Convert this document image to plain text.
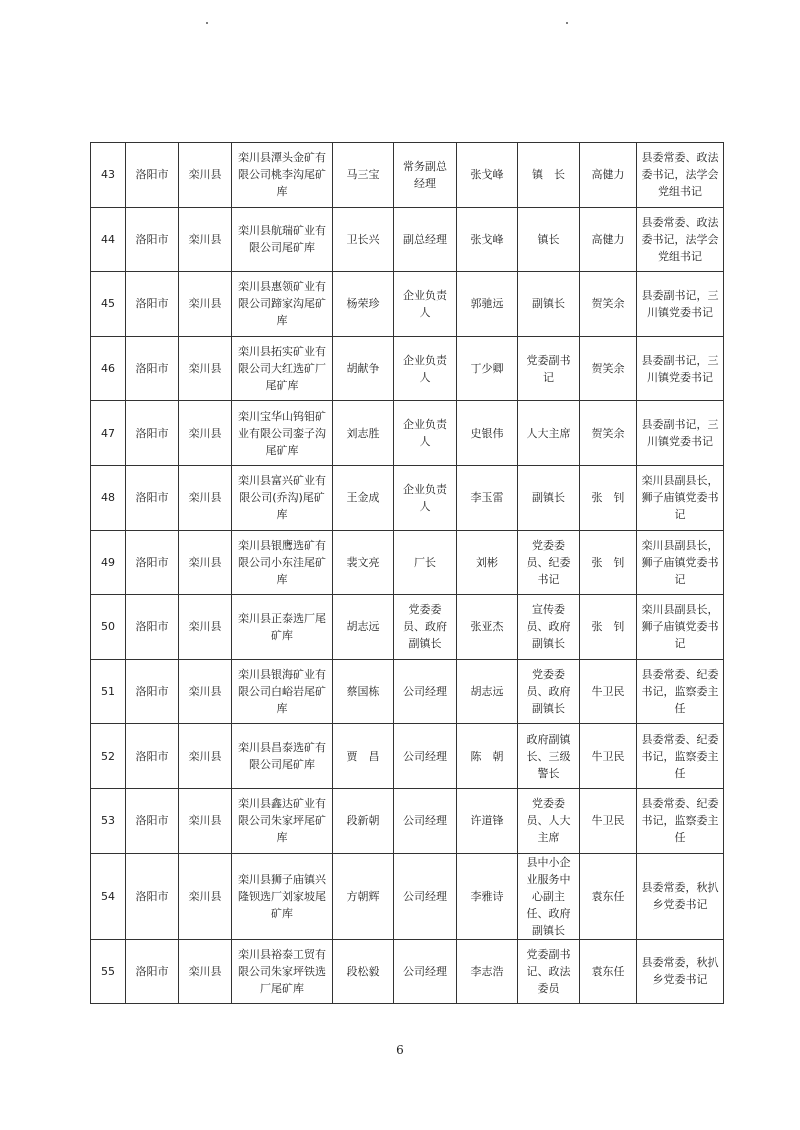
43	洛阳市	栾川县	栾川县潭头金矿有限公司桃李沟尾矿库	马三宝	常务副总经理	张戈峰	镇　长	高健力	县委常委、政法委书记，法学会党组书记
44	洛阳市	栾川县	栾川县航瑞矿业有限公司尾矿库	卫长兴	副总经理	张戈峰	镇长	高健力	县委常委、政法委书记，法学会党组书记
45	洛阳市	栾川县	栾川县惠领矿业有限公司蹄家沟尾矿库	杨荣珍	企业负责人	郭驰远	副镇长	贺笑余	县委副书记，三川镇党委书记
46	洛阳市	栾川县	栾川县拓实矿业有限公司大红选矿厂尾矿库	胡献争	企业负责人	丁少卿	党委副书记	贺笑余	县委副书记，三川镇党委书记
47	洛阳市	栾川县	栾川宝华山钨钼矿业有限公司銮子沟尾矿库	刘志胜	企业负责人	史银伟	人大主席	贺笑余	县委副书记，三川镇党委书记
48	洛阳市	栾川县	栾川县富兴矿业有限公司(乔沟)尾矿库	王金成	企业负责人	李玉雷	副镇长	张　钊	栾川县副县长，狮子庙镇党委书记
49	洛阳市	栾川县	栾川县银鹰选矿有限公司小东洼尾矿库	裴文亮	厂长	刘彬	党委委员、纪委书记	张　钊	栾川县副县长，狮子庙镇党委书记
50	洛阳市	栾川县	栾川县正泰选厂尾矿库	胡志远	党委委员、政府副镇长	张亚杰	宣传委员、政府副镇长	张　钊	栾川县副县长，狮子庙镇党委书记
51	洛阳市	栾川县	栾川县银海矿业有限公司白峪岩尾矿库	蔡国栋	公司经理	胡志远	党委委员、政府副镇长	牛卫民	县委常委、纪委书记，监察委主任
52	洛阳市	栾川县	栾川县昌泰选矿有限公司尾矿库	贾　昌	公司经理	陈　朝	政府副镇长、三级警长	牛卫民	县委常委、纪委书记，监察委主任
53	洛阳市	栾川县	栾川县鑫达矿业有限公司朱家坪尾矿库	段新朝	公司经理	许道锋	党委委员、人大主席	牛卫民	县委常委、纪委书记，监察委主任
54	洛阳市	栾川县	栾川县狮子庙镇兴隆钡选厂刘家坡尾矿库	方朝辉	公司经理	李雅诗	县中小企业服务中心副主任、政府副镇长	袁东任	县委常委，秋扒乡党委书记
55	洛阳市	栾川县	栾川县裕泰工贸有限公司朱家坪铁选厂尾矿库	段松毅	公司经理	李志浩	党委副书记、政法委员	袁东任	县委常委，秋扒乡党委书记
6
